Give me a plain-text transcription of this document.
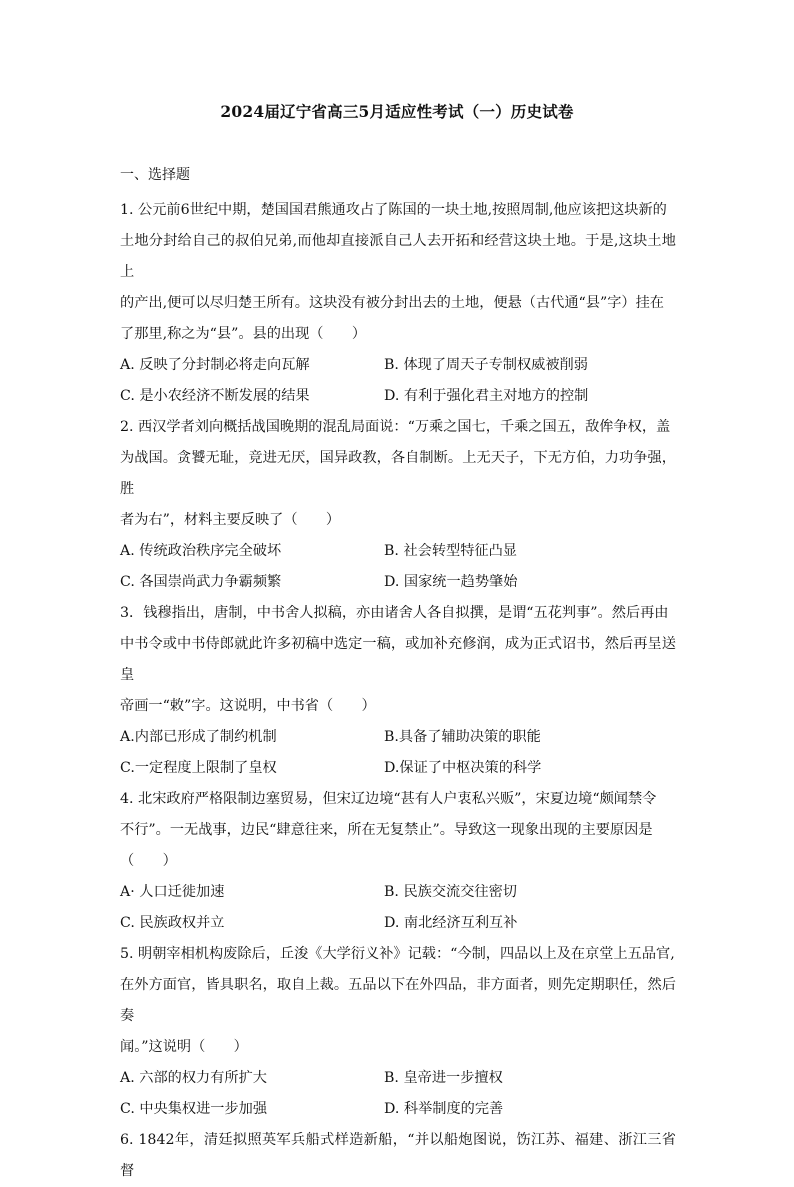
2024届辽宁省高三5月适应性考试（一）历史试卷
一、选择题

1. 公元前6世纪中期，楚国国君熊通攻占了陈国的一块土地,按照周制,他应该把这块新的

土地分封给自己的叔伯兄弟,而他却直接派自己人去开拓和经营这块土地。于是,这块土地上

的产出,便可以尽归楚王所有。这块没有被分封出去的土地，便悬（古代通“县”字）挂在

了那里,称之为“县”。县的出现（　　）

A. 反映了分封制必将走向瓦解	B. 体现了周天子专制权威被削弱
C. 是小农经济不断发展的结果	D. 有利于强化君主对地方的控制

2. 西汉学者刘向概括战国晚期的混乱局面说：“万乘之国七，千乘之国五，敌侔争权，盖

为战国。贪饕无耻，竞进无厌，国异政教，各自制断。上无天子，下无方伯，力功争强，胜

者为右”，材料主要反映了（　　）

A. 传统政治秩序完全破坏	B. 社会转型特征凸显
C. 各国崇尚武力争霸频繁	D. 国家统一趋势肇始

3．钱穆指出，唐制，中书舍人拟稿，亦由诸舍人各自拟撰，是谓“五花判事”。然后再由

中书令或中书侍郎就此许多初稿中选定一稿，或加补充修润，成为正式诏书，然后再呈送皇

帝画一“敕”字。这说明，中书省（　　）

A.内部已形成了制约机制	B.具备了辅助决策的职能
C.一定程度上限制了皇权	D.保证了中枢决策的科学

4. 北宋政府严格限制边塞贸易，但宋辽边境“甚有人户衷私兴贩”，宋夏边境“颇闻禁令

不行”。一无战事，边民“肆意往来，所在无复禁止”。导致这一现象出现的主要原因是

（　　）

A· 人口迁徙加速	B. 民族交流交往密切
C. 民族政权并立	D. 南北经济互利互补

5. 明朝宰相机构废除后，丘浚《大学衍义补》记载：“今制，四品以上及在京堂上五品官,

在外方面官，皆具职名，取自上裁。五品以下在外四品，非方面者，则先定期职任，然后奏

闻。”这说明（　　）

A. 六部的权力有所扩大	B. 皇帝进一步擅权
C. 中央集权进一步加强	D. 科举制度的完善

6. 1842年，清廷拟照英军兵船式样造新船，“并以船炮图说，饬江苏、福建、浙江三省督
